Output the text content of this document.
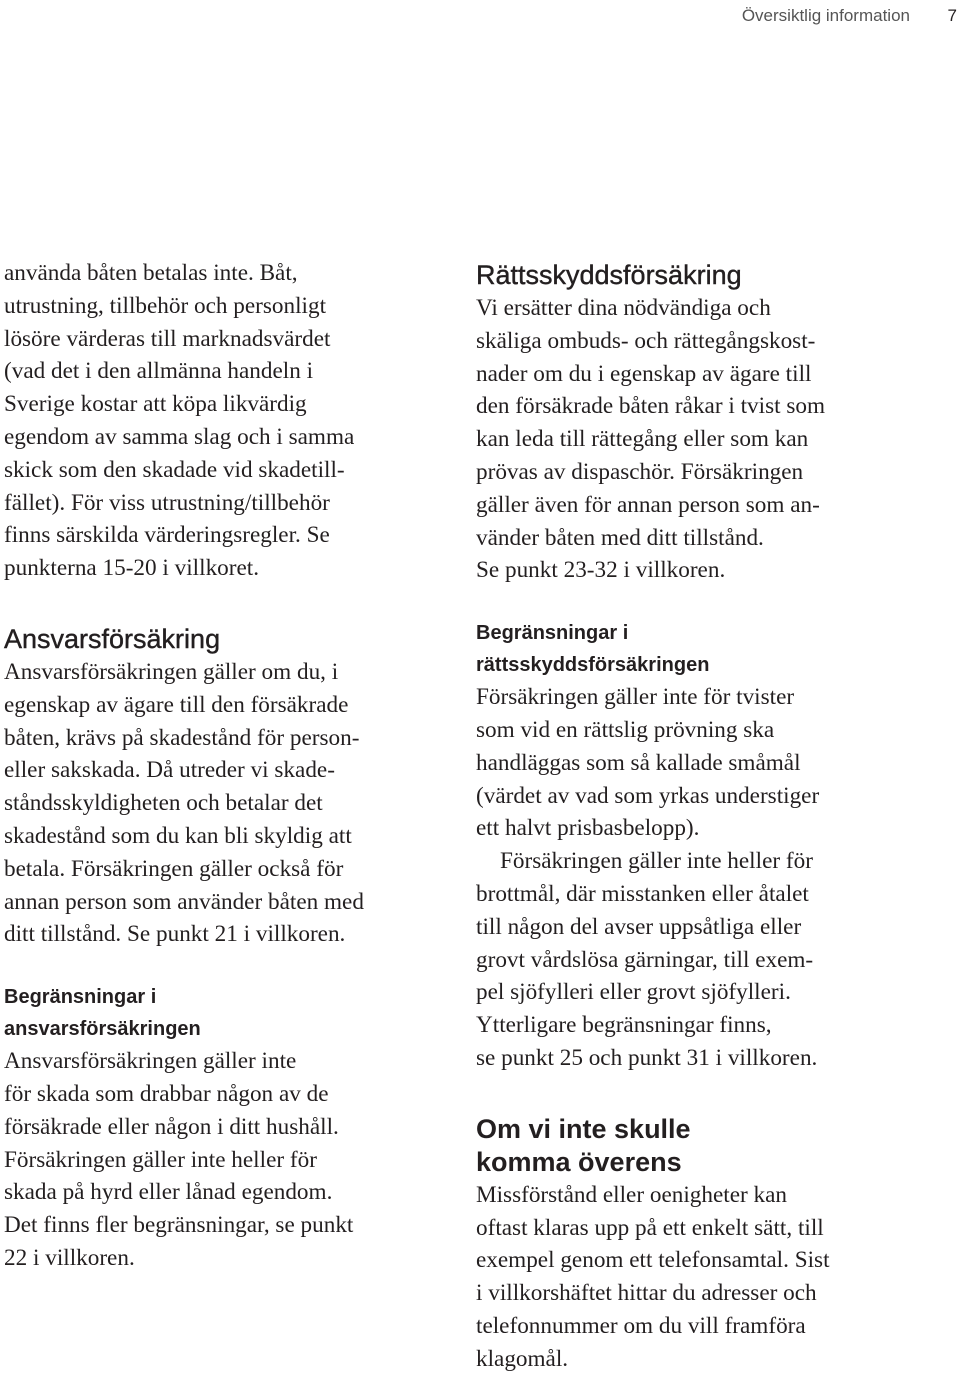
Översiktlig information 7

använda båten betalas inte. Båt,
utrustning, tillbehör och personligt
lösöre värderas till marknadsvärdet
(vad det i den allmänna handeln i
Sverige kostar att köpa likvärdig
egendom av samma slag och i samma
skick som den skadade vid skadetill-
fället). För viss utrustning/tillbehör
finns särskilda värderingsregler. Se
punkterna 15-20 i villkoret.

Ansvarsförsäkring

Ansvarsförsäkringen gäller om du, i
egenskap av ägare till den försäkrade
båten, krävs på skadestånd för person-
eller sakskada. Då utreder vi skade-
ståndsskyldigheten och betalar det
skadestånd som du kan bli skyldig att
betala. Försäkringen gäller också för
annan person som använder båten med
ditt tillstånd. Se punkt 21 i villkoren.

Begränsningar i
ansvarsförsäkringen

Ansvarsförsäkringen gäller inte
för skada som drabbar någon av de
försäkrade eller någon i ditt hushåll.
Försäkringen gäller inte heller för
skada på hyrd eller lånad egendom.
Det finns fler begränsningar, se punkt
22 i villkoren.

Rättsskyddsförsäkring

Vi ersätter dina nödvändiga och
skäliga ombuds- och rättegångskost-
nader om du i egenskap av ägare till
den försäkrade båten råkar i tvist som
kan leda till rättegång eller som kan
prövas av dispaschör. Försäkringen
gäller även för annan person som an-
vänder båten med ditt tillstånd.
Se punkt 23-32 i villkoren.

Begränsningar i
rättsskyddsförsäkringen

Försäkringen gäller inte för tvister
som vid en rättslig prövning ska
handläggas som så kallade småmål
(värdet av vad som yrkas understiger
ett halvt prisbasbelopp).

Försäkringen gäller inte heller för
brottmål, där misstanken eller åtalet
till någon del avser uppsåtliga eller
grovt vårdslösa gärningar, till exem-
pel sjöfylleri eller grovt sjöfylleri.
Ytterligare begränsningar finns,
se punkt 25 och punkt 31 i villkoren.

Om vi inte skulle
komma överens

Missförstånd eller oenigheter kan
oftast klaras upp på ett enkelt sätt, till
exempel genom ett telefonsamtal. Sist
i villkorshäftet hittar du adresser och
telefonnummer om du vill framföra
klagomål.
